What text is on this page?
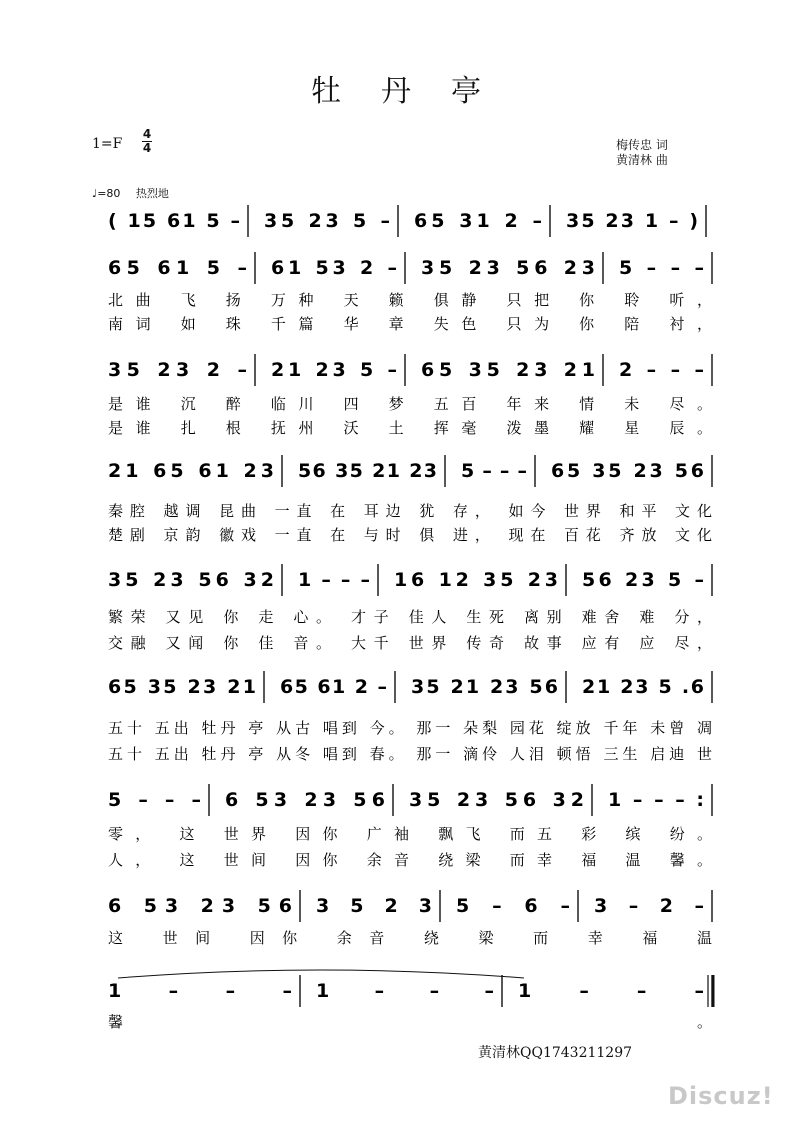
牡丹亭
1=F
4
4	梅传忠 词
黄清林 曲
♩=80 热烈地
( 15 61 5 – 35 23 5 – 65 31 2 – 35 23 1 – )
65 61 5 – 61 53 2 – 35 23 56 23 5 – – –
北曲 飞 扬 万种 天 籁 俱静 只把 你 聆 听，
南词 如 珠 千篇 华 章 失色 只为 你 陪 衬，
35 23 2 – 21 23 5 – 65 35 23 21 2 – – –
是谁 沉 醉 临川 四 梦 五百 年来 情 未 尽。
是谁 扎 根 抚州 沃 土 挥毫 泼墨 耀 星 辰。
21 65 61 23 56 35 21 23 5 – – – 65 35 23 56
秦腔 越调 昆曲 一直 在 耳边 犹 存， 如今 世界 和平 文化
楚剧 京韵 徽戏 一直 在 与时 俱 进， 现在 百花 齐放 文化
35 23 56 32 1 – – – 16 12 35 23 56 23 5 –
繁荣 又见 你 走 心。 才子 佳人 生死 离别 难舍 难 分，
交融 又闻 你 佳 音。 大千 世界 传奇 故事 应有 应 尽，
65 35 23 21 65 61 2 – 35 21 23 56 21 23 5 .6
五十 五出 牡丹 亭 从古 唱到 今。 那一 朵梨 园花 绽放 千年 未曾 凋
五十 五出 牡丹 亭 从冬 唱到 春。 那一 滴伶 人泪 顿悟 三生 启迪 世
5 – – – 6 53 23 56 35 23 56 32 1 – – – :
零， 这 世界 因你 广袖 飘飞 而五 彩 缤 纷。
人， 这 世间 因你 余音 绕梁 而幸 福 温 馨。
6 53 23 56 3 5 2 3 5 – 6 – 3 – 2 –
这 世间 因你 余音 绕 梁 而 幸 福 温
1 – – – 1 – – – 1 – – –
馨。
黄清林QQ1743211297
Discuz!
